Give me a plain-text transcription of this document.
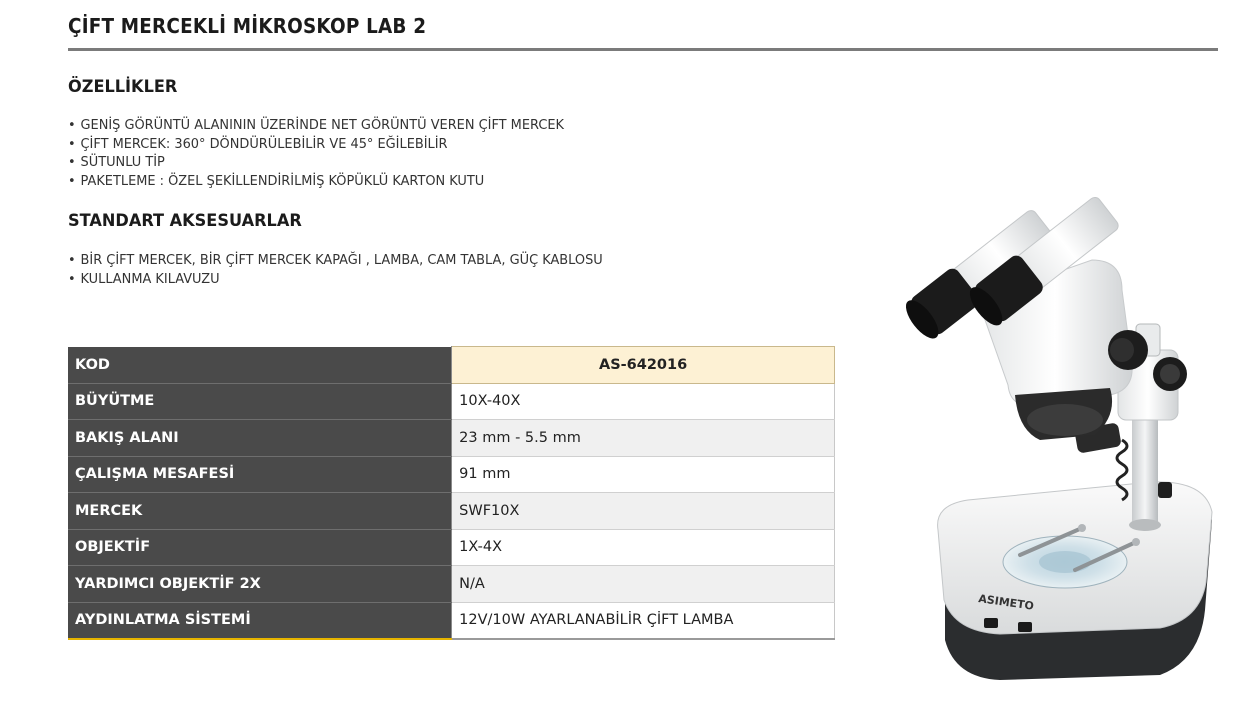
ÇİFT MERCEKLİ MİKROSKOP LAB 2
ÖZELLİKLER
• GENİŞ GÖRÜNTÜ ALANININ ÜZERİNDE NET GÖRÜNTÜ VEREN ÇİFT MERCEK
• ÇİFT MERCEK: 360° DÖNDÜRÜLEBİLİR VE 45° EĞİLEBİLİR
• SÜTUNLU TİP
• PAKETLEME : ÖZEL ŞEKİLLENDİRİLMİŞ KÖPÜKLÜ KARTON KUTU
STANDART AKSESUARLAR
• BİR ÇİFT MERCEK, BİR ÇİFT MERCEK KAPAĞI , LAMBA, CAM TABLA, GÜÇ KABLOSU
• KULLANMA KILAVUZU
KOD	AS-642016
BÜYÜTME	10X-40X
BAKIŞ ALANI	23 mm - 5.5 mm
ÇALIŞMA MESAFESİ	91 mm
MERCEK	SWF10X
OBJEKTİF	1X-4X
YARDIMCI OBJEKTİF 2X	N/A
AYDINLATMA SİSTEMİ	12V/10W AYARLANABİLİR ÇİFT LAMBA
ASIMETO
